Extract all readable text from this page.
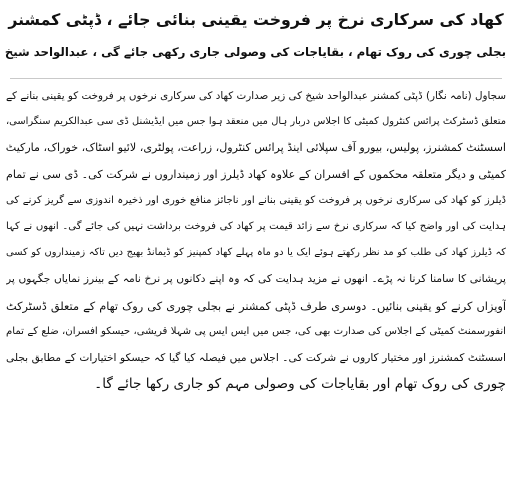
کھاد کی سرکاری نرخ پر فروخت یقینی بنائی جائے ، ڈپٹی کمشنر
بجلی چوری کی روک تھام ، بقایاجات کی وصولی جاری رکھی جائے گی ، عبدالواحد شیخ
سجاول (نامہ نگار) ڈپٹی کمشنر عبدالواحد شیخ کی زیر صدارت کھاد کی سرکاری نرخوں پر فروخت کو یقینی بنانے کے
متعلق ڈسٹرکٹ پرائس کنٹرول کمیٹی کا اجلاس دربار ہال میں منعقد ہوا جس میں ایڈیشنل ڈی سی عبدالکریم سنگراسی،
اسسٹنٹ کمشنرز، پولیس، بیورو آف سپلائی اینڈ پرائس کنٹرول، زراعت، پولٹری، لائیو اسٹاک، خوراک، مارکیٹ
کمیٹی و دیگر متعلقہ محکموں کے افسران کے علاوہ کھاد ڈیلرز اور زمینداروں نے شرکت کی۔ ڈی سی نے تمام
ڈیلرز کو کھاد کی سرکاری نرخوں پر فروخت کو یقینی بنانے اور ناجائز منافع خوری اور ذخیرہ اندوزی سے گریز کرنے کی
ہدایت کی اور واضح کیا کہ سرکاری نرخ سے زائد قیمت پر کھاد کی فروخت برداشت نہیں کی جائے گی۔ انھوں نے کہا
کہ ڈیلرز کھاد کی طلب کو مد نظر رکھتے ہوئے ایک یا دو ماہ پہلے کھاد کمپنیز کو ڈیمانڈ بھیج دیں تاکہ زمینداروں کو کسی
پریشانی کا سامنا کرنا نہ پڑے۔ انھوں نے مزید ہدایت کی کہ وہ اپنے دکانوں پر نرخ نامہ کے بینرز نمایاں جگہوں پر
آویزاں کرنے کو یقینی بنائیں۔ دوسری طرف ڈپٹی کمشنر نے بجلی چوری کی روک تھام کے متعلق ڈسٹرکٹ
انفورسمنٹ کمیٹی کے اجلاس کی صدارت بھی کی، جس میں ایس ایس پی شہلا قریشی، حیسکو افسران، ضلع کے تمام
اسسٹنٹ کمشنرز اور مختیار کاروں نے شرکت کی۔ اجلاس میں فیصلہ کیا گیا کہ حیسکو اختیارات کے مطابق بجلی
چوری کی روک تھام اور بقایاجات کی وصولی مہم کو جاری رکھا جائے گا۔
